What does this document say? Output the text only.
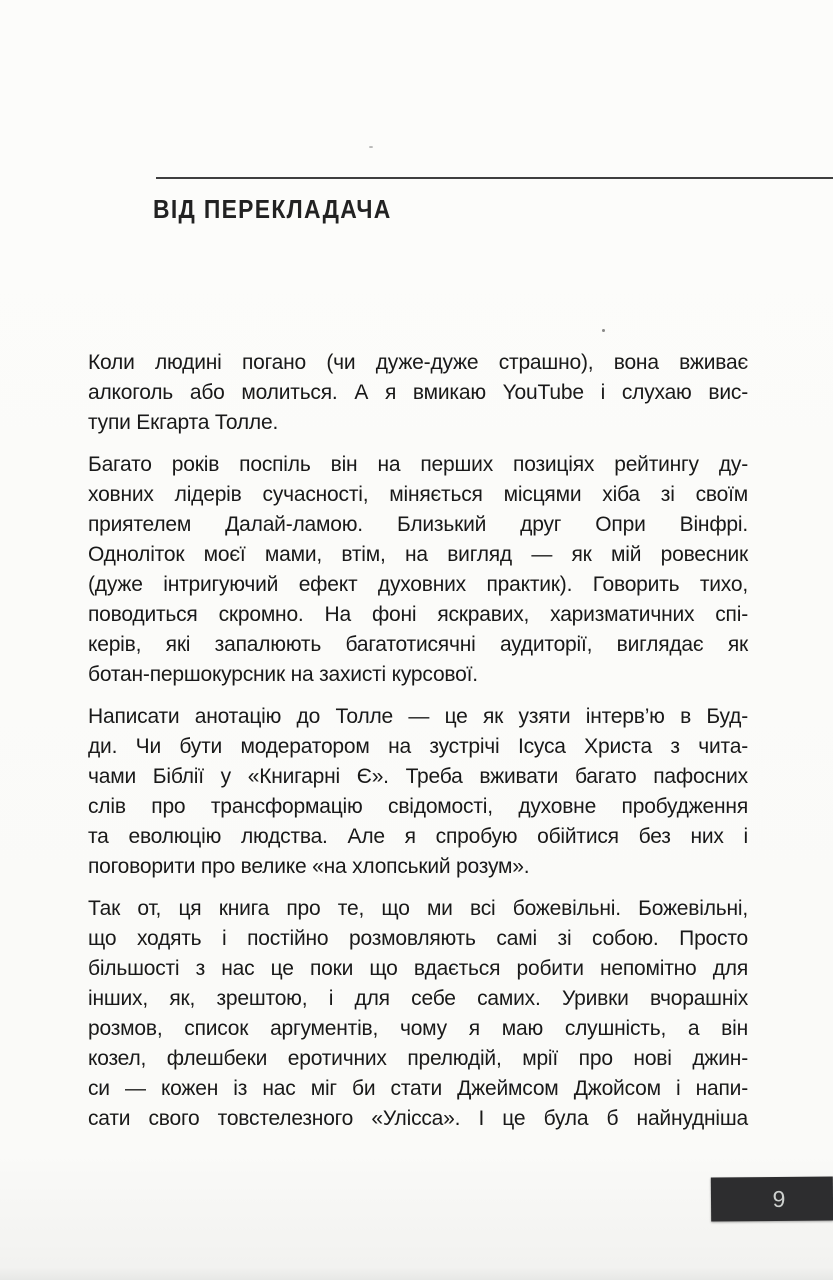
ВІД ПЕРЕКЛАДАЧА
Коли людині погано (чи дуже-дуже страшно), вона вживає
алкоголь або молиться. А я вмикаю YouTube і слухаю вис-
тупи Екгарта Толле.
Багато років поспіль він на перших позиціях рейтингу ду-
ховних лідерів сучасності, міняється місцями хіба зі своїм
приятелем Далай-ламою. Близький друг Опри Вінфрі.
Одноліток моєї мами, втім, на вигляд — як мій ровесник
(дуже інтригуючий ефект духовних практик). Говорить тихо,
поводиться скромно. На фоні яскравих, харизматичних спі-
керів, які запалюють багатотисячні аудиторії, виглядає як
ботан-першокурсник на захисті курсової.
Написати анотацію до Толле — це як узяти інтерв’ю в Буд-
ди. Чи бути модератором на зустрічі Ісуса Христа з чита-
чами Біблії у «Книгарні Є». Треба вживати багато пафосних
слів про трансформацію свідомості, духовне пробудження
та еволюцію людства. Але я спробую обійтися без них і
поговорити про велике «на хлопський розум».
Так от, ця книга про те, що ми всі божевільні. Божевільні,
що ходять і постійно розмовляють самі зі собою. Просто
більшості з нас це поки що вдається робити непомітно для
інших, як, зрештою, і для себе самих. Уривки вчорашніх
розмов, список аргументів, чому я маю слушність, а він
козел, флешбеки еротичних прелюдій, мрії про нові джин-
си — кожен із нас міг би стати Джеймсом Джойсом і напи-
сати свого товстелезного «Улісса». І це була б найнудніша
9
